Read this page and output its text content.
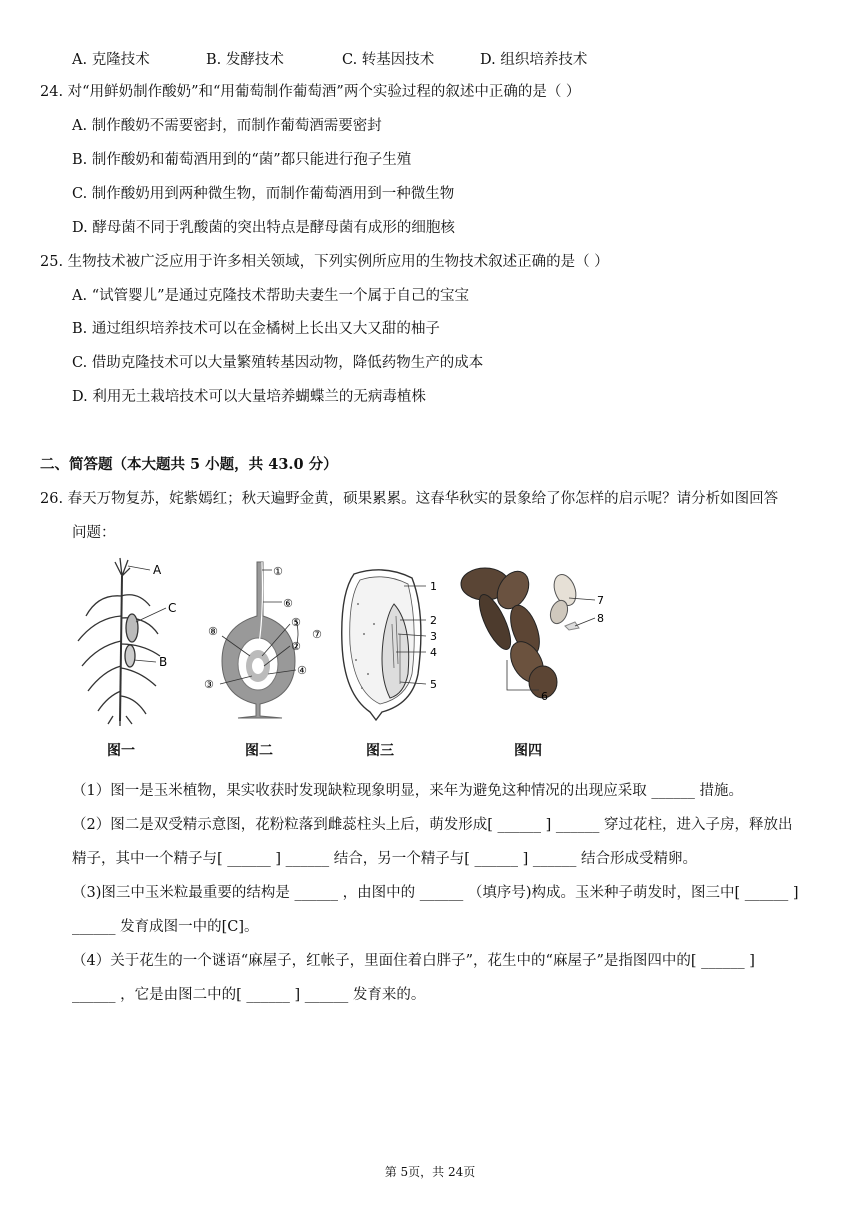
A. 克隆技术	B. 发酵技术	C. 转基因技术	D. 组织培养技术
24. 对“用鲜奶制作酸奶”和“用葡萄制作葡萄酒”两个实验过程的叙述中正确的是（ ）
A. 制作酸奶不需要密封，而制作葡萄酒需要密封
B. 制作酸奶和葡萄酒用到的“菌”都只能进行孢子生殖
C. 制作酸奶用到两种微生物，而制作葡萄酒用到一种微生物
D. 酵母菌不同于乳酸菌的突出特点是酵母菌有成形的细胞核
25. 生物技术被广泛应用于许多相关领域，下列实例所应用的生物技术叙述正确的是（ ）
A. “试管婴儿”是通过克隆技术帮助夫妻生一个属于自己的宝宝
B. 通过组织培养技术可以在金橘树上长出又大又甜的柚子
C. 借助克隆技术可以大量繁殖转基因动物，降低药物生产的成本
D. 利用无土栽培技术可以大量培养蝴蝶兰的无病毒植株
二、简答题（本大题共 5 小题，共 43.0 分）
26. 春天万物复苏，姹紫嫣红；秋天遍野金黄，硕果累累。这春华秋实的景象给了你怎样的启示呢？请分析如图回答
问题：
A
C
B
图一
①
⑥
⑧
⑤
②
⑦
④
③
图二
1
2
3
4
5
图三
7
8
6
图四
（1）图一是玉米植物，果实收获时发现缺粒现象明显，来年为避免这种情况的出现应采取 ______ 措施。
（2）图二是双受精示意图，花粉粒落到雌蕊柱头上后，萌发形成[ ______ ] ______ 穿过花柱，进入子房，释放出
精子，其中一个精子与[ ______ ] ______ 结合，另一个精子与[ ______ ] ______ 结合形成受精卵。
（3)图三中玉米粒最重要的结构是 ______ ，由图中的 ______ （填序号)构成。玉米种子萌发时，图三中[ ______ ]
______ 发育成图一中的[C]。
（4）关于花生的一个谜语“麻屋子，红帐子，里面住着白胖子”，花生中的“麻屋子”是指图四中的[ ______ ]
______ ，它是由图二中的[ ______ ] ______ 发育来的。
第 5页，共 24页
